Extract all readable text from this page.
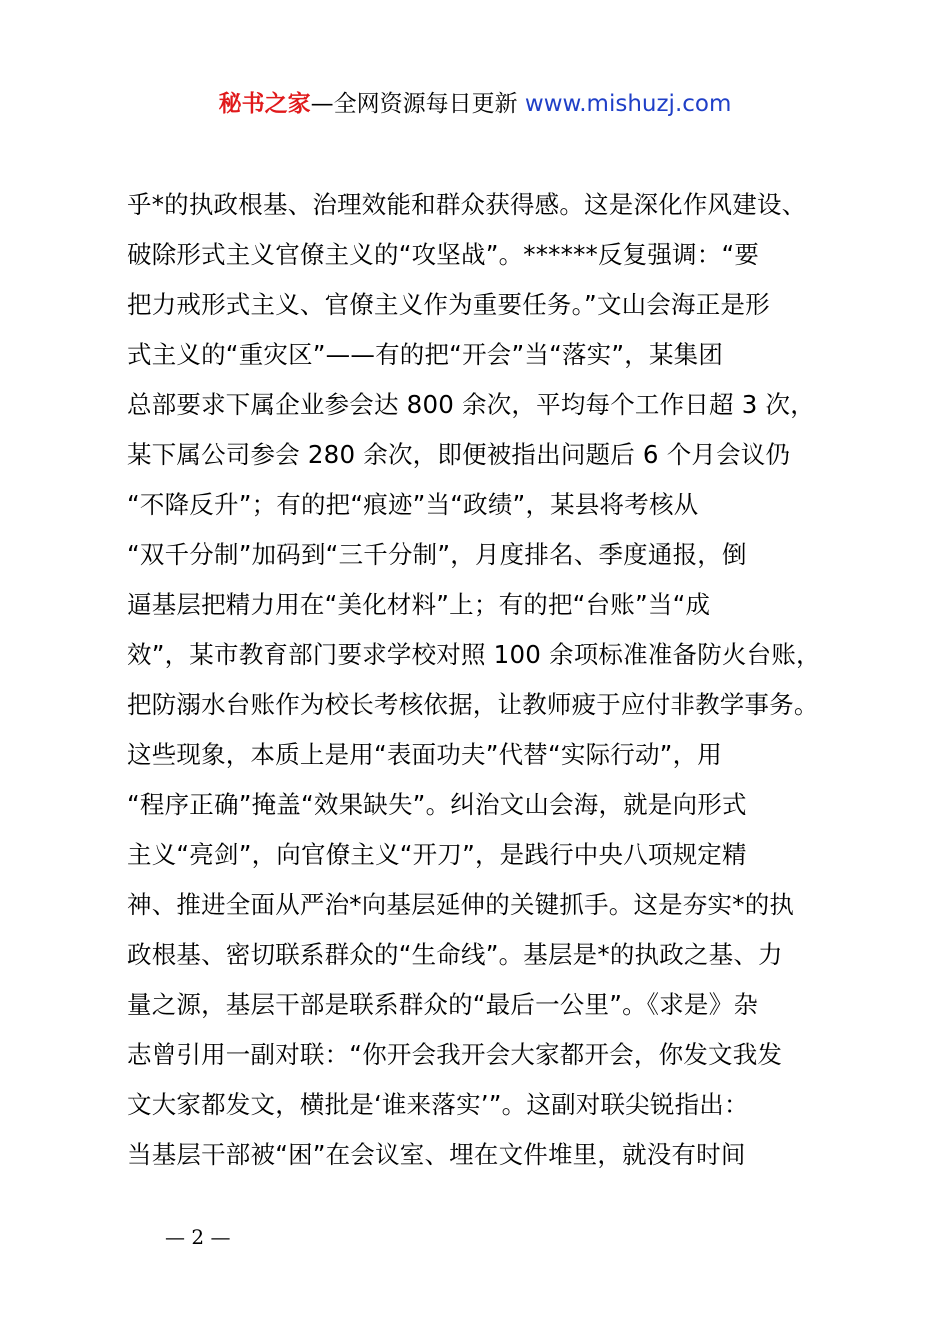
秘书之家—全网资源每日更新 www.mishuzj.com
乎*的执政根基、治理效能和群众获得感。这是深化作风建设、
破除形式主义官僚主义的“攻坚战”。******反复强调：“要
把力戒形式主义、官僚主义作为重要任务。”文山会海正是形
式主义的“重灾区”——有的把“开会”当“落实”，某集团
总部要求下属企业参会达 800 余次，平均每个工作日超 3 次，
某下属公司参会 280 余次，即便被指出问题后 6 个月会议仍
“不降反升”；有的把“痕迹”当“政绩”，某县将考核从
“双千分制”加码到“三千分制”，月度排名、季度通报，倒
逼基层把精力用在“美化材料”上；有的把“台账”当“成
效”，某市教育部门要求学校对照 100 余项标准准备防火台账，
把防溺水台账作为校长考核依据，让教师疲于应付非教学事务。
这些现象，本质上是用“表面功夫”代替“实际行动”，用
“程序正确”掩盖“效果缺失”。纠治文山会海，就是向形式
主义“亮剑”，向官僚主义“开刀”，是践行中央八项规定精
神、推进全面从严治*向基层延伸的关键抓手。这是夯实*的执
政根基、密切联系群众的“生命线”。基层是*的执政之基、力
量之源，基层干部是联系群众的“最后一公里”。《求是》杂
志曾引用一副对联：“你开会我开会大家都开会，你发文我发
文大家都发文，横批是‘谁来落实’”。这副对联尖锐指出：
当基层干部被“困”在会议室、埋在文件堆里，就没有时间
— 2 —
